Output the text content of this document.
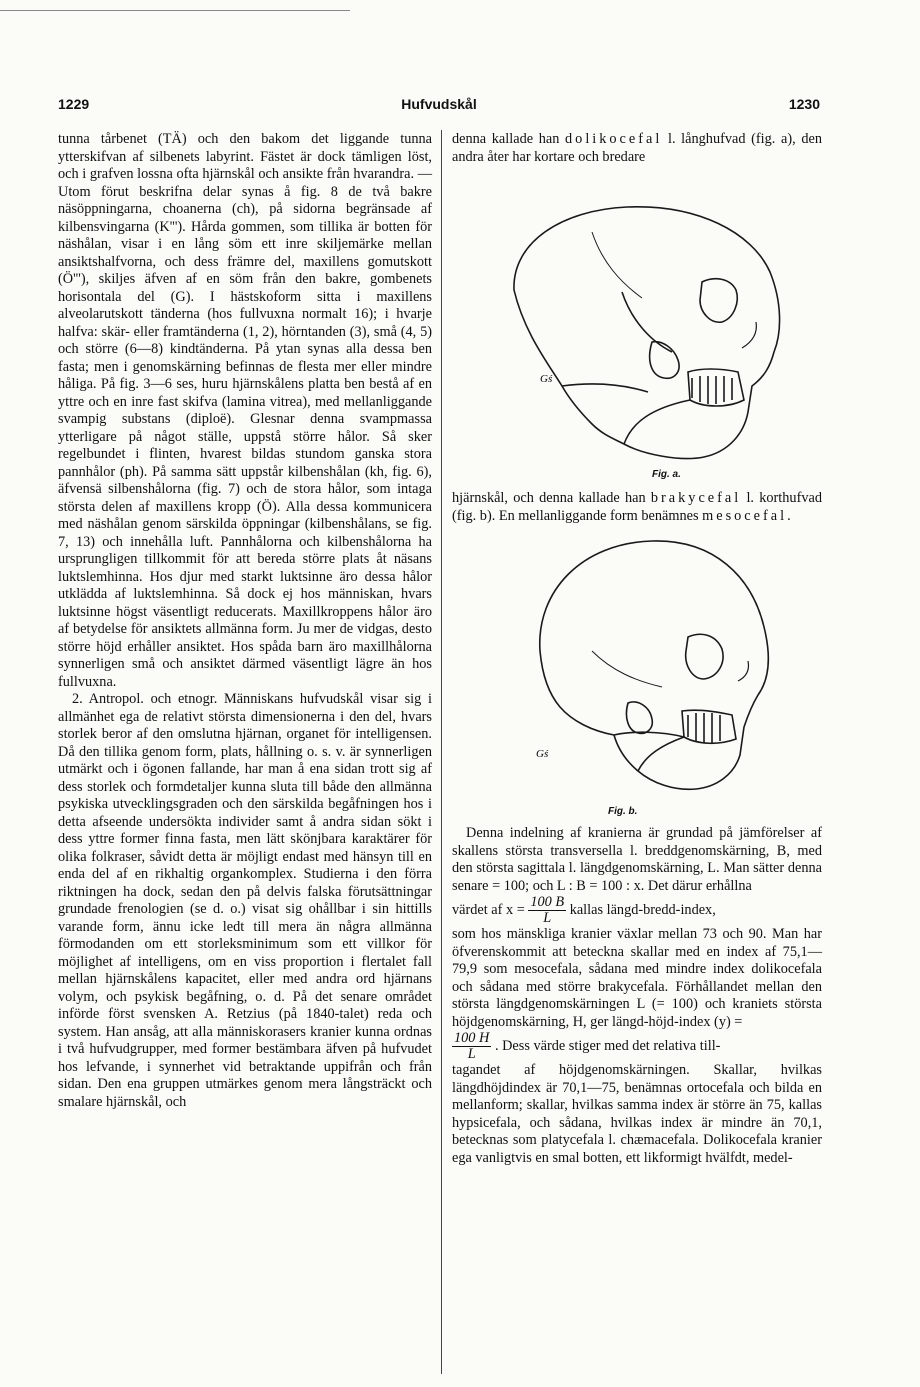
1229	Hufvudskål	1230

tunna tårbenet (TÄ) och den bakom det liggande tunna ytterskifvan af silbenets labyrint. Fästet är dock tämligen löst, och i grafven lossna ofta hjärnskål och ansikte från hvarandra. — Utom förut beskrifna delar synas å fig. 8 de två bakre näsöppningarna, choanerna (ch), på sidorna begränsade af kilbensvingarna (K'''). Hårda gommen, som tillika är botten för näshålan, visar i en lång söm ett inre skiljemärke mellan ansiktshalfvorna, och dess främre del, maxillens gomutskott (Ö'''), skiljes äfven af en söm från den bakre, gombenets horisontala del (G). I hästskoform sitta i maxillens alveolarutskott tänderna (hos fullvuxna normalt 16); i hvarje halfva: skär- eller framtänderna (1, 2), hörntanden (3), små (4, 5) och större (6—8) kindtänderna. På ytan synas alla dessa ben fasta; men i genomskärning befinnas de flesta mer eller mindre håliga. På fig. 3—6 ses, huru hjärnskålens platta ben bestå af en yttre och en inre fast skifva (lamina vitrea), med mellanliggande svampig substans (diploë). Glesnar denna svampmassa ytterligare på något ställe, uppstå större hålor. Så sker regelbundet i flinten, hvarest bildas stundom ganska stora pannhålor (ph). På samma sätt uppstår kilbenshålan (kh, fig. 6), äfvensä silbenshålorna (fig. 7) och de stora hålor, som intaga största delen af maxillens kropp (Ö). Alla dessa kommunicera med näshålan genom särskilda öppningar (kilbenshålans, se fig. 7, 13) och innehålla luft. Pannhålorna och kilbenshålorna ha ursprungligen tillkommit för att bereda större plats åt näsans luktslemhinna. Hos djur med starkt luktsinne äro dessa hålor utklädda af luktslemhinna. Så dock ej hos människan, hvars luktsinne högst väsentligt reducerats. Maxillkroppens hålor äro af betydelse för ansiktets allmänna form. Ju mer de vidgas, desto större höjd erhåller ansiktet. Hos spåda barn äro maxillhålorna synnerligen små och ansiktet därmed väsentligt lägre än hos fullvuxna.

2. Antropol. och etnogr. Människans hufvudskål visar sig i allmänhet ega de relativt största dimensionerna i den del, hvars storlek beror af den omslutna hjärnan, organet för intelligensen. Då den tillika genom form, plats, hållning o. s. v. är synnerligen utmärkt och i ögonen fallande, har man å ena sidan trott sig af dess storlek och formdetaljer kunna sluta till både den allmänna psykiska utvecklingsgraden och den särskilda begåfningen hos i detta afseende undersökta individer samt å andra sidan sökt i dess yttre former finna fasta, men lätt skönjbara karaktärer för olika folkraser, såvidt detta är möjligt endast med hänsyn till en enda del af en rikhaltig organkomplex. Studierna i den förra riktningen ha dock, sedan den på delvis falska förutsättningar grundade frenologien (se d. o.) visat sig ohållbar i sin hittills varande form, ännu icke ledt till mera än några allmänna förmodanden om ett storleksminimum som ett villkor för möjlighet af intelligens, om en viss proportion i flertalet fall mellan hjärnskålens kapacitet, eller med andra ord hjärnans volym, och psykisk begåfning, o. d. På det senare området införde först svensken A. Retzius (på 1840-talet) reda och system. Han ansåg, att alla människorasers kranier kunna ordnas i två hufvudgrupper, med former bestämbara äfven på hufvudet hos lefvande, i synnerhet vid betraktande uppifrån och från sidan. Den ena gruppen utmärkes genom mera långsträckt och smalare hjärnskål, och

denna kallade han dolikocefal l. långhufvad (fig. a), den andra åter har kortare och bredare

Gś
Fig. a.

hjärnskål, och denna kallade han brakycefal l. korthufvad (fig. b). En mellanliggande form benämnes mesocefal.

Gś
Fig. b.

Denna indelning af kranierna är grundad på jämförelser af skallens största transversella l. breddgenomskärning, B, med den största sagittala l. längdgenomskärning, L. Man sätter denna senare = 100; och L : B = 100 : x. Det därur erhållna

värdet af $x = \frac{100 B}{L}$ kallas längd-bredd-index,

som hos mänskliga kranier växlar mellan 73 och 90. Man har öfverenskommit att beteckna skallar med en index af 75,1—79,9 som mesocefala, sådana med mindre index dolikocefala och sådana med större brakycefala. Förhållandet mellan den största längdgenomskärningen L (= 100) och kraniets största höjdgenomskärning, H, ger längd-höjd-index (y) =

$\frac{100 H}{L}$ . Dess värde stiger med det relativa till-

tagandet af höjdgenomskärningen. Skallar, hvilkas längdhöjdindex är 70,1—75, benämnas ortocefala och bilda en mellanform; skallar, hvilkas samma index är större än 75, kallas hypsicefala, och sådana, hvilkas index är mindre än 70,1, betecknas som platycefala l. chæmacefala. Dolikocefala kranier ega vanligtvis en smal botten, ett likformigt hvälfdt, medel-
